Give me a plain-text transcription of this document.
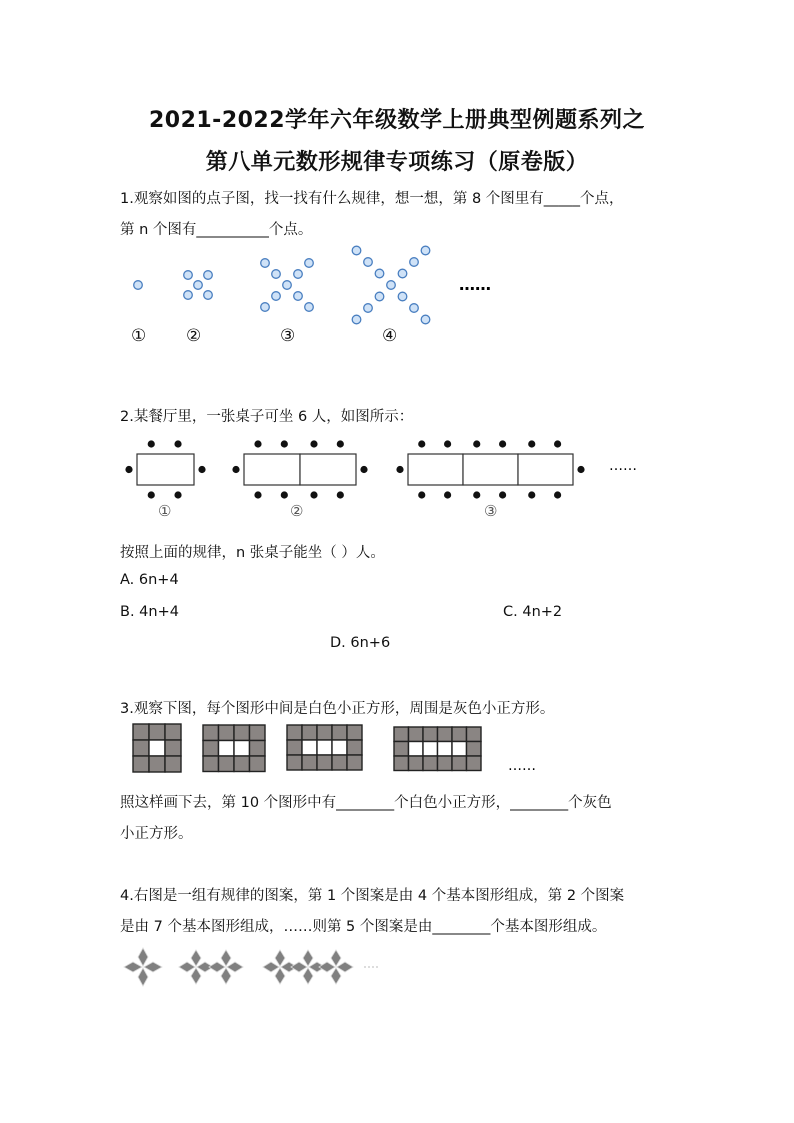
2021-2022学年六年级数学上册典型例题系列之
第八单元数形规律专项练习（原卷版）
1.观察如图的点子图，找一找有什么规律，想一想，第 8 个图里有_____个点，
第 n 个图有__________个点。
① ②	③	④
……
2.某餐厅里，一张桌子可坐 6 人，如图所示：
①	②	③
……
按照上面的规律，n 张桌子能坐（ ）人。
A. 6n+4
B. 4n+4	C. 4n+2
D. 6n+6
3.观察下图，每个图形中间是白色小正方形，周围是灰色小正方形。
……
照这样画下去，第 10 个图形中有________个白色小正方形，________个灰色
小正方形。
4.右图是一组有规律的图案，第 1 个图案是由 4 个基本图形组成，第 2 个图案
是由 7 个基本图形组成，……则第 5 个图案是由________个基本图形组成。
